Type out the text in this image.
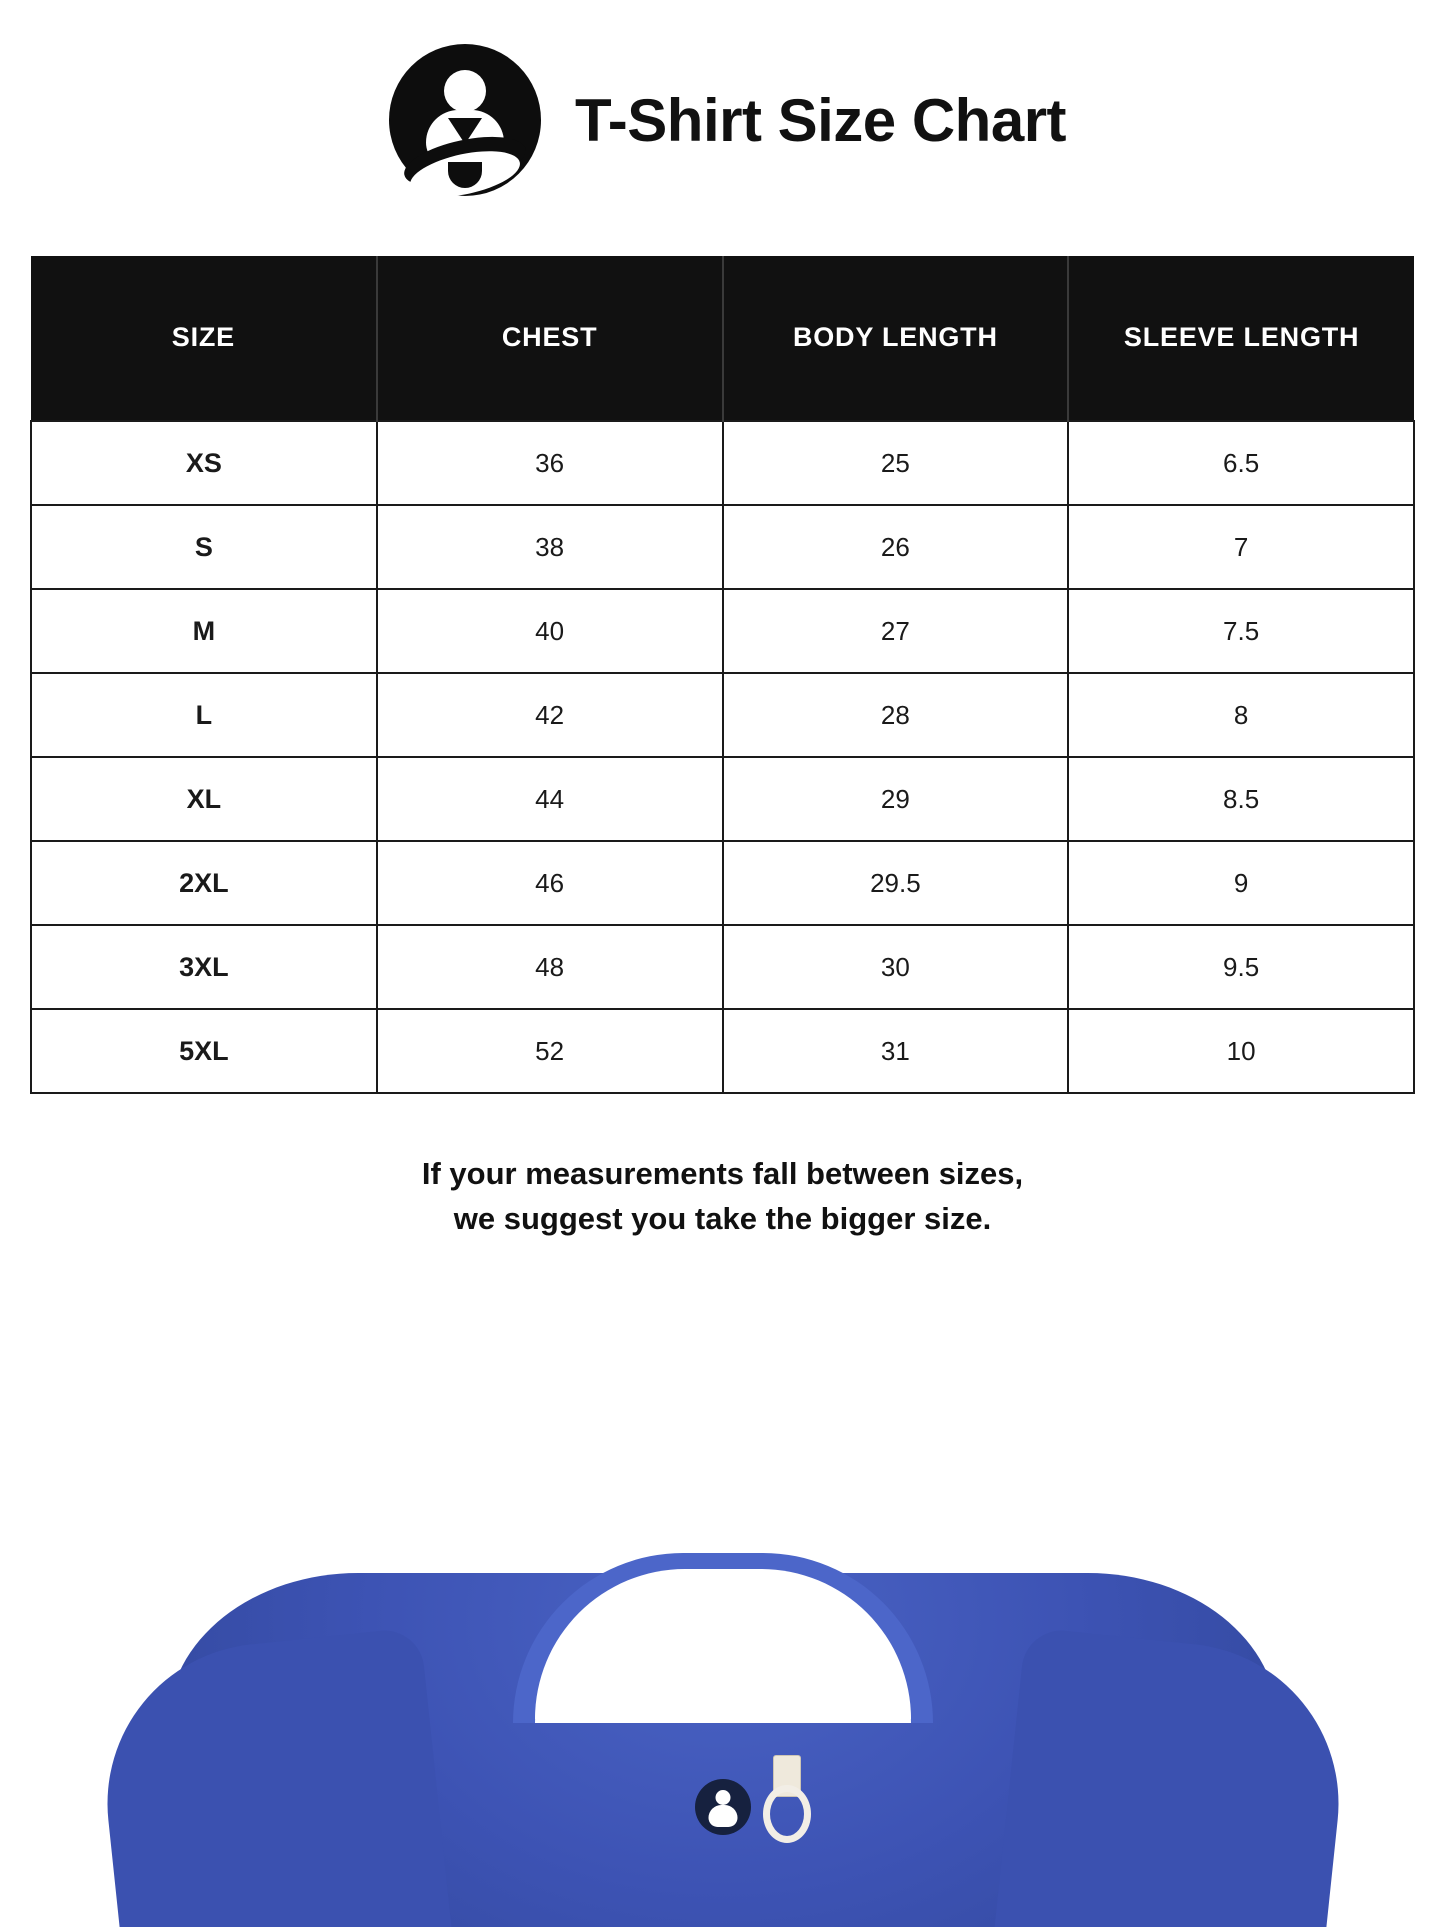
T-Shirt Size Chart
SIZE	CHEST	BODY LENGTH	SLEEVE LENGTH
XS	36	25	6.5
S	38	26	7
M	40	27	7.5
L	42	28	8
XL	44	29	8.5
2XL	46	29.5	9
3XL	48	30	9.5
5XL	52	31	10
If your measurements fall between sizes,
we suggest you take the bigger size.
